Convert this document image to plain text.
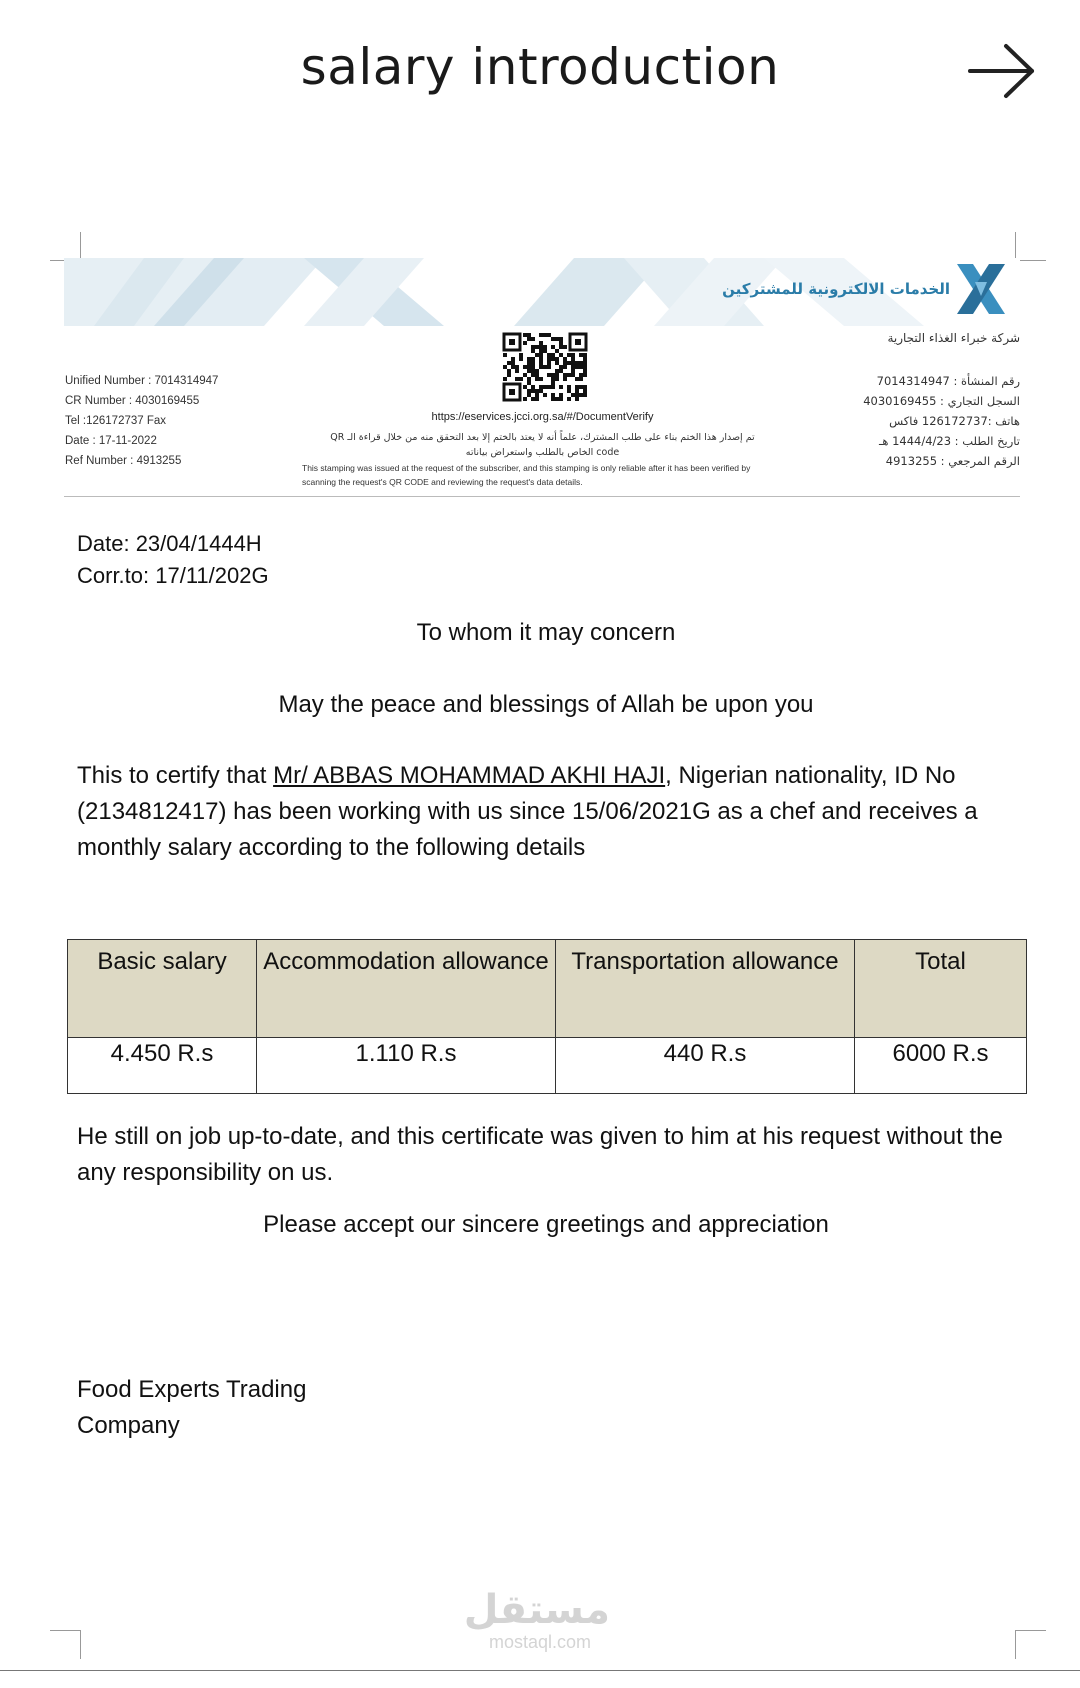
salary introduction
الخدمات الالكترونية للمشتركين
شركة خبراء الغذاء التجارية
Unified Number : 7014314947
CR Number : 4030169455
Tel :126172737 Fax
Date : 17-11-2022
Ref Number : 4913255
رقم المنشأة : 7014314947
السجل التجاري : 4030169455
هاتف :126172737 فاكس
تاريخ الطلب : 1444/4/23 هـ
الرقم المرجعي : 4913255
https://eservices.jcci.org.sa/#/DocumentVerify
تم إصدار هذا الختم بناء على طلب المشترك، علماً أنه لا يعتد بالختم إلا بعد التحقق منه من خلال قراءة الـ QR
code الخاص بالطلب واستعراض بياناته
This stamping was issued at the request of the subscriber, and this stamping is only reliable after it has been verified by scanning the request's QR CODE and reviewing the request's data details.
Date: 23/04/1444H
Corr.to: 17/11/202G
To whom it may concern
May the peace and blessings of Allah be upon you
This to certify that Mr/ ABBAS MOHAMMAD AKHI HAJI, Nigerian nationality, ID No (2134812417) has been working with us since 15/06/2021G as a chef and receives a monthly salary according to the following details
Basic salary	Accommodation allowance	Transportation allowance	Total
4.450 R.s	1.110 R.s	440 R.s	6000 R.s
He still on job up-to-date, and this certificate was given to him at his request without the any responsibility on us.
Please accept our sincere greetings and appreciation
Food Experts Trading
Company
مستقل
mostaql.com
